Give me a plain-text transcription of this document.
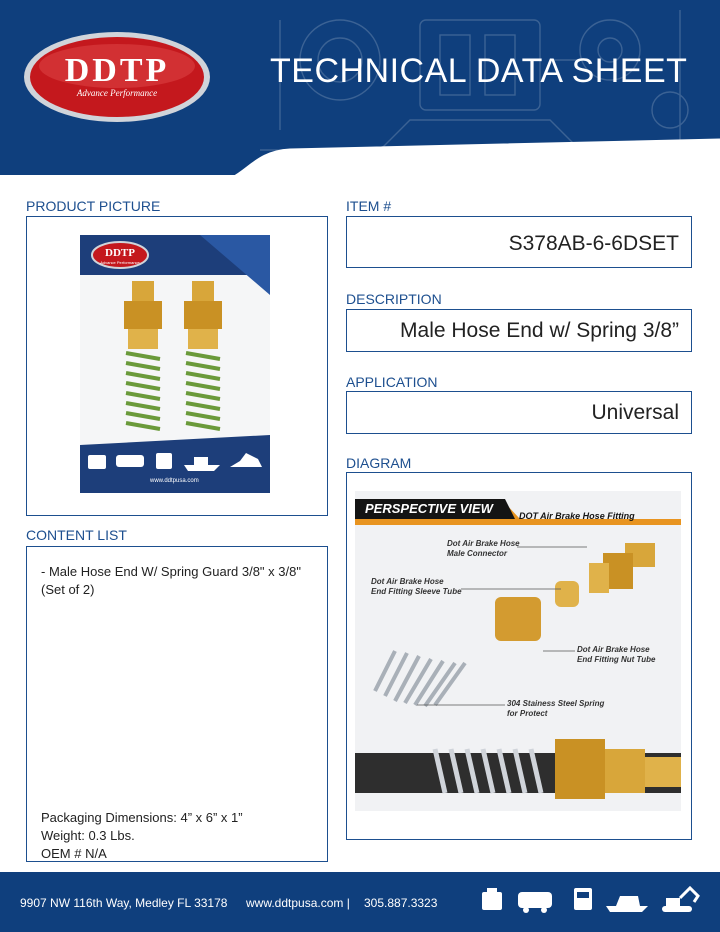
DDTP
Advance Performance
TECHNICAL DATA SHEET
PRODUCT PICTURE
DDTP
Advance Performance
www.ddtpusa.com
CONTENT LIST
- Male Hose End W/ Spring Guard 3/8" x 3/8"
(Set of 2)
Packaging Dimensions: 4” x 6” x 1”
Weight: 0.3 Lbs.
OEM # N/A
ITEM #
S378AB-6-6DSET
DESCRIPTION
Male Hose End w/ Spring 3/8”
APPLICATION
Universal
DIAGRAM
PERSPECTIVE VIEW	DOT Air Brake Hose Fitting
Dot Air Brake Hose
Male Connector
Dot Air Brake Hose
End Fitting Sleeve Tube
Dot Air Brake Hose
End Fitting Nut Tube
304 Stainess Steel Spring
for Protect
9907 NW 116th Way, Medley FL 33178 www.ddtpusa.com | 305.887.3323
